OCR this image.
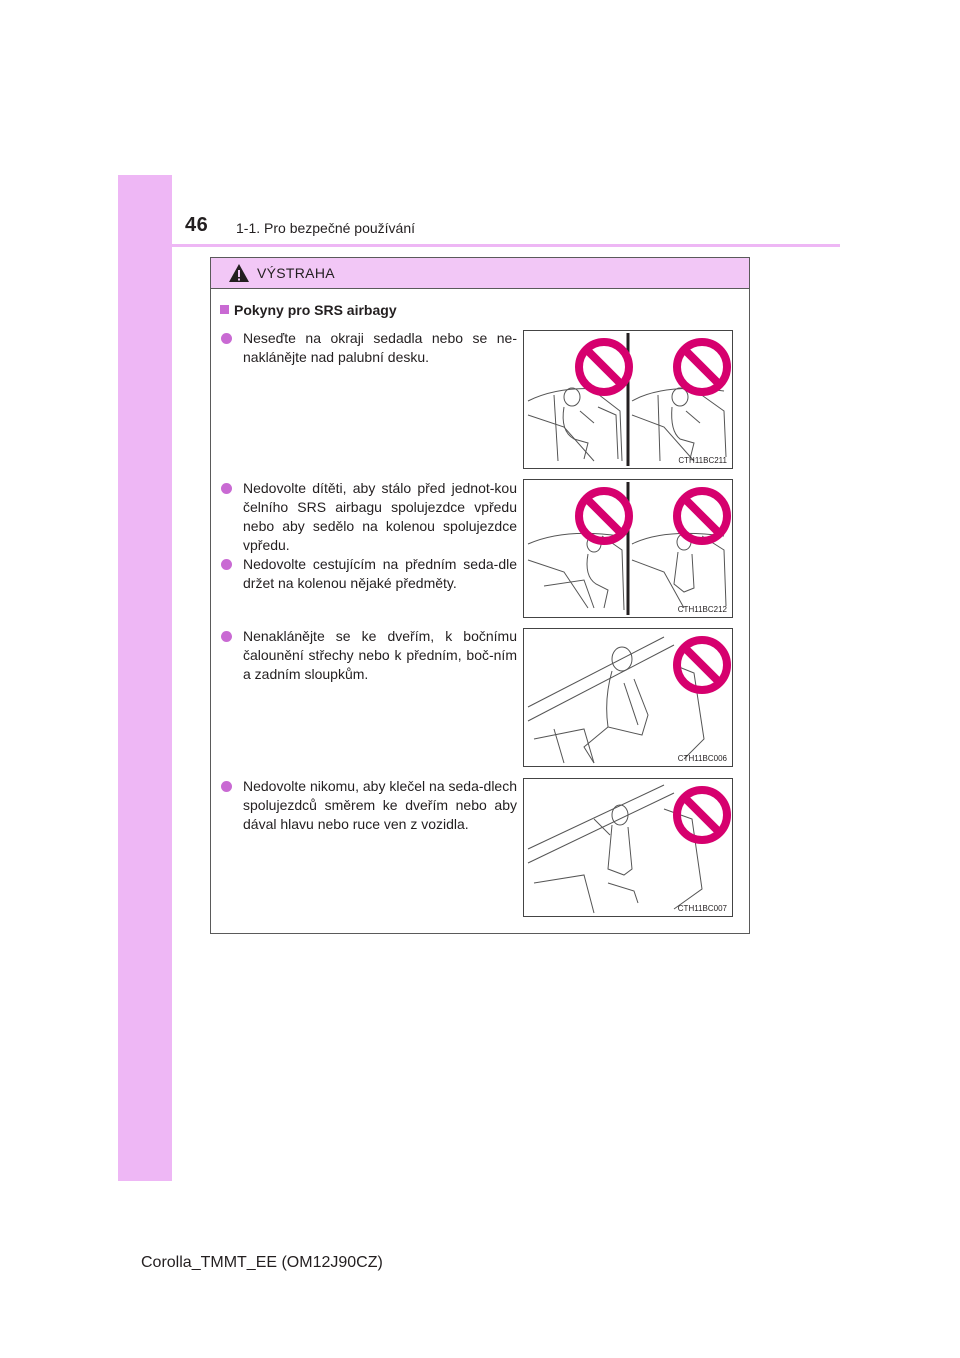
46 1-1. Pro bezpečné používání
VÝSTRAHA
Pokyny pro SRS airbagy
Neseďte na okraji sedadla nebo se ne-naklánějte nad palubní desku.
Nedovolte dítěti, aby stálo před jednot-kou čelního SRS airbagu spolujezdce vpředu nebo aby sedělo na kolenou spolujezdce vpředu.
Nedovolte cestujícím na předním seda-dle držet na kolenou nějaké předměty.
Nenaklánějte se ke dveřím, k bočnímu čalounění střechy nebo k předním, boč-ním a zadním sloupkům.
Nedovolte nikomu, aby klečel na seda-dlech spolujezdců směrem ke dveřím nebo aby dával hlavu nebo ruce ven z vozidla.
CTH11BC211
CTH11BC212
CTH11BC006
CTH11BC007
Corolla_TMMT_EE (OM12J90CZ)
